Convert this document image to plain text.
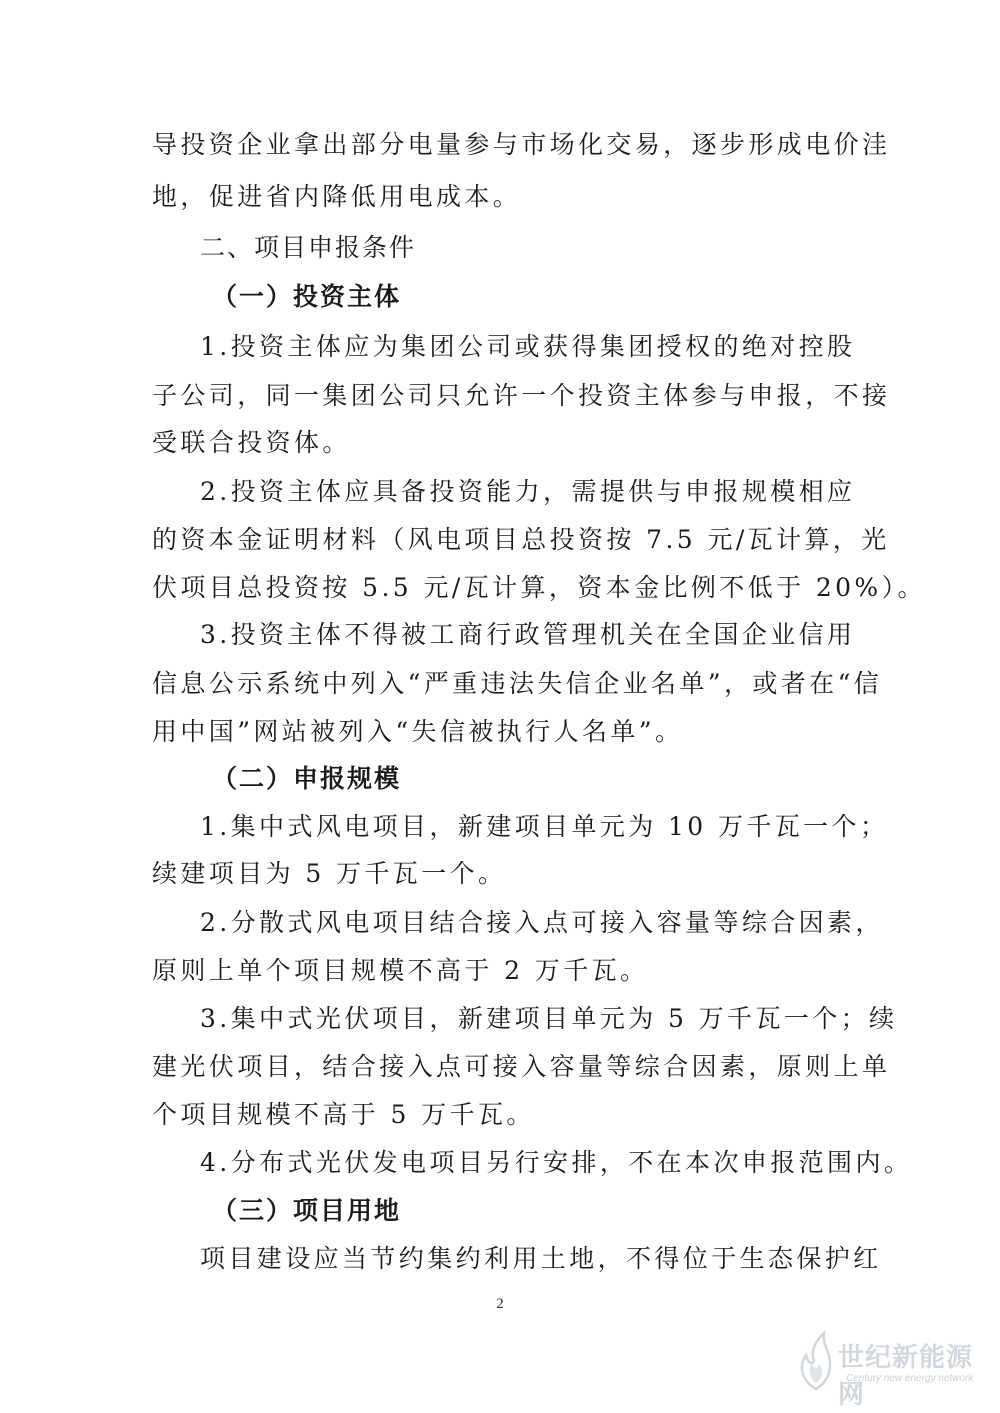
导投资企业拿出部分电量参与市场化交易，逐步形成电价洼
地，促进省内降低用电成本。
二、项目申报条件
（一）投资主体
1.投资主体应为集团公司或获得集团授权的绝对控股
子公司，同一集团公司只允许一个投资主体参与申报，不接
受联合投资体。
2.投资主体应具备投资能力，需提供与申报规模相应
的资本金证明材料（风电项目总投资按 7.5 元/瓦计算，光
伏项目总投资按 5.5 元/瓦计算，资本金比例不低于 20%）。
3.投资主体不得被工商行政管理机关在全国企业信用
信息公示系统中列入“严重违法失信企业名单”，或者在“信
用中国”网站被列入“失信被执行人名单”。
（二）申报规模
1.集中式风电项目，新建项目单元为 10 万千瓦一个；
续建项目为 5 万千瓦一个。
2.分散式风电项目结合接入点可接入容量等综合因素，
原则上单个项目规模不高于 2 万千瓦。
3.集中式光伏项目，新建项目单元为 5 万千瓦一个；续
建光伏项目，结合接入点可接入容量等综合因素，原则上单
个项目规模不高于 5 万千瓦。
4.分布式光伏发电项目另行安排，不在本次申报范围内。
（三）项目用地
项目建设应当节约集约利用土地，不得位于生态保护红
2
世纪新能源网
Century new energy network
